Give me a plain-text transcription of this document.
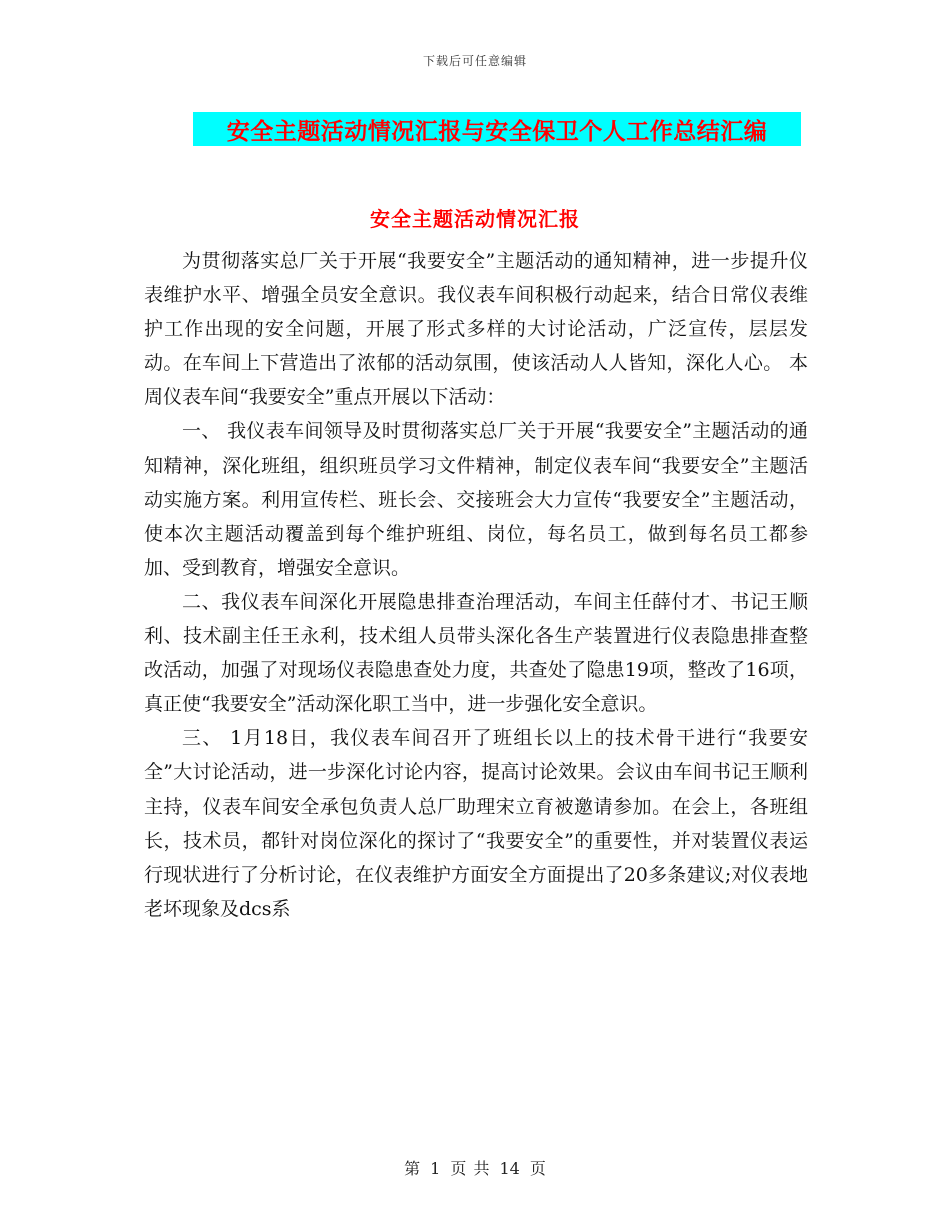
下载后可任意编辑
安全主题活动情况汇报与安全保卫个人工作总结汇编
安全主题活动情况汇报

为贯彻落实总厂关于开展“我要安全”主题活动的通知精神，进一步提升仪表维护水平、增强全员安全意识。我仪表车间积极行动起来，结合日常仪表维护工作出现的安全问题，开展了形式多样的大讨论活动，广泛宣传，层层发动。在车间上下营造出了浓郁的活动氛围，使该活动人人皆知，深化人心。 本周仪表车间“我要安全”重点开展以下活动：

一、 我仪表车间领导及时贯彻落实总厂关于开展“我要安全”主题活动的通知精神，深化班组，组织班员学习文件精神，制定仪表车间“我要安全”主题活动实施方案。利用宣传栏、班长会、交接班会大力宣传“我要安全”主题活动，使本次主题活动覆盖到每个维护班组、岗位，每名员工，做到每名员工都参加、受到教育，增强安全意识。

二、我仪表车间深化开展隐患排查治理活动，车间主任薛付才、书记王顺利、技术副主任王永利，技术组人员带头深化各生产装置进行仪表隐患排查整改活动，加强了对现场仪表隐患查处力度，共查处了隐患19项，整改了16项，真正使“我要安全”活动深化职工当中，进一步强化安全意识。

三、 1月18日，我仪表车间召开了班组长以上的技术骨干进行“我要安全”大讨论活动，进一步深化讨论内容，提高讨论效果。会议由车间书记王顺利主持，仪表车间安全承包负责人总厂助理宋立育被邀请参加。在会上，各班组长，技术员，都针对岗位深化的探讨了“我要安全”的重要性，并对装置仪表运行现状进行了分析讨论，在仪表维护方面安全方面提出了20多条建议;对仪表地老坏现象及dcs系

第 1 页 共 14 页
